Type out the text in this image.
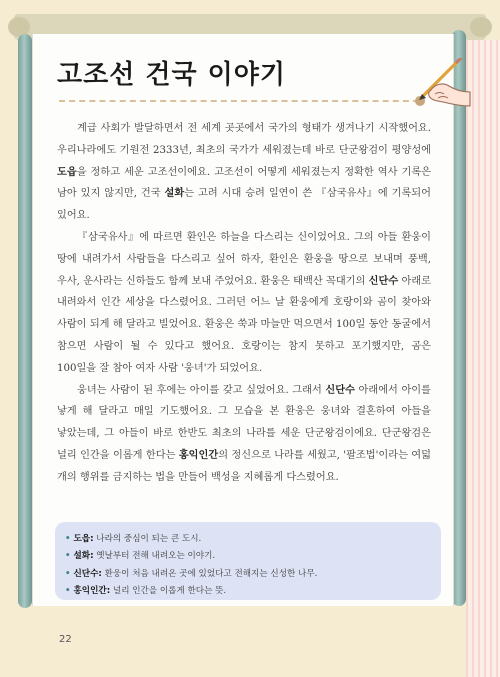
고조선 건국 이야기

계급 사회가 발달하면서 전 세계 곳곳에서 국가의 형태가 생겨나기 시작했어요. 우리나라에도 기원전 2333년, 최초의 국가가 세워졌는데 바로 단군왕검이 평양성에 도읍을 정하고 세운 고조선이에요. 고조선이 어떻게 세워졌는지 정확한 역사 기록은 남아 있지 않지만, 건국 설화는 고려 시대 승려 일연이 쓴 『삼국유사』에 기록되어 있어요.

『삼국유사』에 따르면 환인은 하늘을 다스리는 신이었어요. 그의 아들 환웅이 땅에 내려가서 사람들을 다스리고 싶어 하자, 환인은 환웅을 땅으로 보내며 풍백, 우사, 운사라는 신하들도 함께 보내 주었어요. 환웅은 태백산 꼭대기의 신단수 아래로 내려와서 인간 세상을 다스렸어요. 그러던 어느 날 환웅에게 호랑이와 곰이 찾아와 사람이 되게 해 달라고 빌었어요. 환웅은 쑥과 마늘만 먹으면서 100일 동안 동굴에서 참으면 사람이 될 수 있다고 했어요. 호랑이는 참지 못하고 포기했지만, 곰은 100일을 잘 참아 여자 사람 '웅녀'가 되었어요.

웅녀는 사람이 된 후에는 아이를 갖고 싶었어요. 그래서 신단수 아래에서 아이를 낳게 해 달라고 매일 기도했어요. 그 모습을 본 환웅은 웅녀와 결혼하여 아들을 낳았는데, 그 아들이 바로 한반도 최초의 나라를 세운 단군왕검이에요. 단군왕검은 널리 인간을 이롭게 한다는 홍익인간의 정신으로 나라를 세웠고, '팔조법'이라는 여덟 개의 행위를 금지하는 법을 만들어 백성을 지혜롭게 다스렸어요.

• 도읍: 나라의 중심이 되는 큰 도시.
• 설화: 옛날부터 전해 내려오는 이야기.
• 신단수: 환웅이 처음 내려온 곳에 있었다고 전해지는 신성한 나무.
• 홍익인간: 널리 인간을 이롭게 한다는 뜻.
22
